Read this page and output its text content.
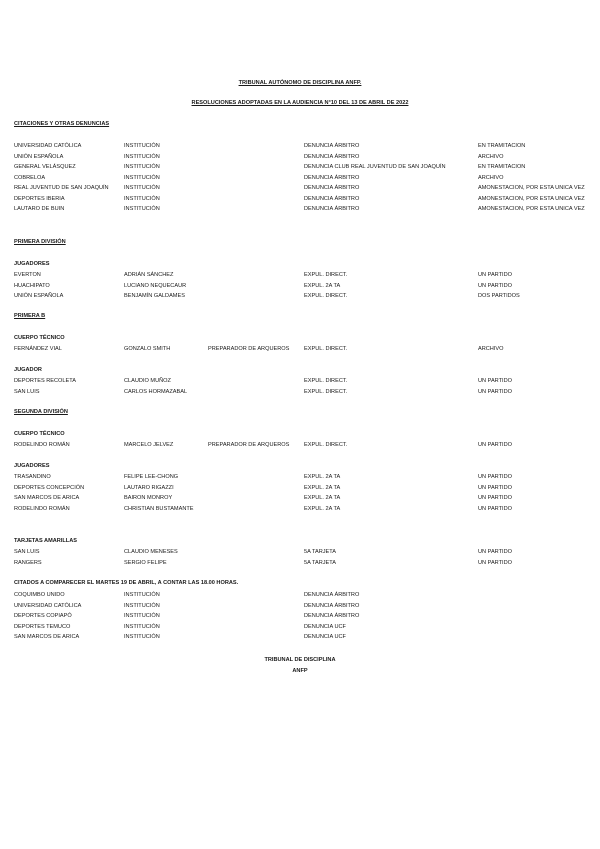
TRIBUNAL AUTÓNOMO DE DISCIPLINA ANFP.
RESOLUCIONES ADOPTADAS EN LA AUDIENCIA N°10 DEL 13 DE ABRIL DE 2022
CITACIONES Y OTRAS DENUNCIAS
UNIVERSIDAD CATÓLICA	INSTITUCIÓN	DENUNCIA ÁRBITRO	EN TRAMITACION
UNIÓN ESPAÑOLA	INSTITUCIÓN	DENUNCIA ÁRBITRO	ARCHIVO
GENERAL VELÁSQUEZ	INSTITUCIÓN	DENUNCIA CLUB REAL JUVENTUD DE SAN JOAQUÍN	EN TRAMITACION
COBRELOA	INSTITUCIÓN	DENUNCIA ÁRBITRO	ARCHIVO
REAL JUVENTUD DE SAN JOAQUÍN	INSTITUCIÓN	DENUNCIA ÁRBITRO	AMONESTACION, POR ESTA UNICA VEZ
DEPORTES IBERIA	INSTITUCIÓN	DENUNCIA ÁRBITRO	AMONESTACION, POR ESTA UNICA VEZ
LAUTARO DE BUIN	INSTITUCIÓN	DENUNCIA ÁRBITRO	AMONESTACION, POR ESTA UNICA VEZ
PRIMERA DIVISIÓN
JUGADORES
EVERTON	ADRIÁN SÁNCHEZ	EXPUL. DIRECT.	UN PARTIDO
HUACHIPATO	LUCIANO NEQUECAUR	EXPUL. 2A TA	UN PARTIDO
UNIÓN ESPAÑOLA	BENJAMÍN GALDAMES	EXPUL. DIRECT.	DOS PARTIDOS
PRIMERA B
CUERPO TÉCNICO
FERNÁNDEZ VIAL	GONZALO SMITH	PREPARADOR DE ARQUEROS	EXPUL. DIRECT.	ARCHIVO
JUGADOR
DEPORTES RECOLETA	CLAUDIO MUÑOZ	EXPUL. DIRECT.	UN PARTIDO
SAN LUIS	CARLOS HORMAZABAL	EXPUL. DIRECT.	UN PARTIDO
SEGUNDA DIVISIÓN
CUERPO TÉCNICO
RODELINDO ROMÁN	MARCELO JELVEZ	PREPARADOR DE ARQUEROS	EXPUL. DIRECT.	UN PARTIDO
JUGADORES
TRASANDINO	FELIPE LEE-CHONG	EXPUL. 2A TA	UN PARTIDO
DEPORTES CONCEPCIÓN	LAUTARO RIGAZZI	EXPUL. 2A TA	UN PARTIDO
SAN MARCOS DE ARICA	BAIRON MONROY	EXPUL. 2A TA	UN PARTIDO
RODELINDO ROMÁN	CHRISTIAN BUSTAMANTE	EXPUL. 2A TA	UN PARTIDO
TARJETAS AMARILLAS
SAN LUIS	CLAUDIO MENESES	5A TARJETA	UN PARTIDO
RANGERS	SERGIO FELIPE	5A TARJETA	UN PARTIDO
CITADOS A COMPARECER EL MARTES 19 DE ABRIL, A CONTAR LAS 18.00 HORAS.
COQUIMBO UNIDO	INSTITUCIÓN	DENUNCIA ÁRBITRO
UNIVERSIDAD CATÓLICA	INSTITUCIÓN	DENUNCIA ÁRBITRO
DEPORTES COPIAPÓ	INSTITUCIÓN	DENUNCIA ÁRBITRO
DEPORTES TEMUCO	INSTITUCIÓN	DENUNCIA UCF
SAN MARCOS DE ARICA	INSTITUCIÓN	DENUNCIA UCF
TRIBUNAL DE DISCIPLINA
ANFP
